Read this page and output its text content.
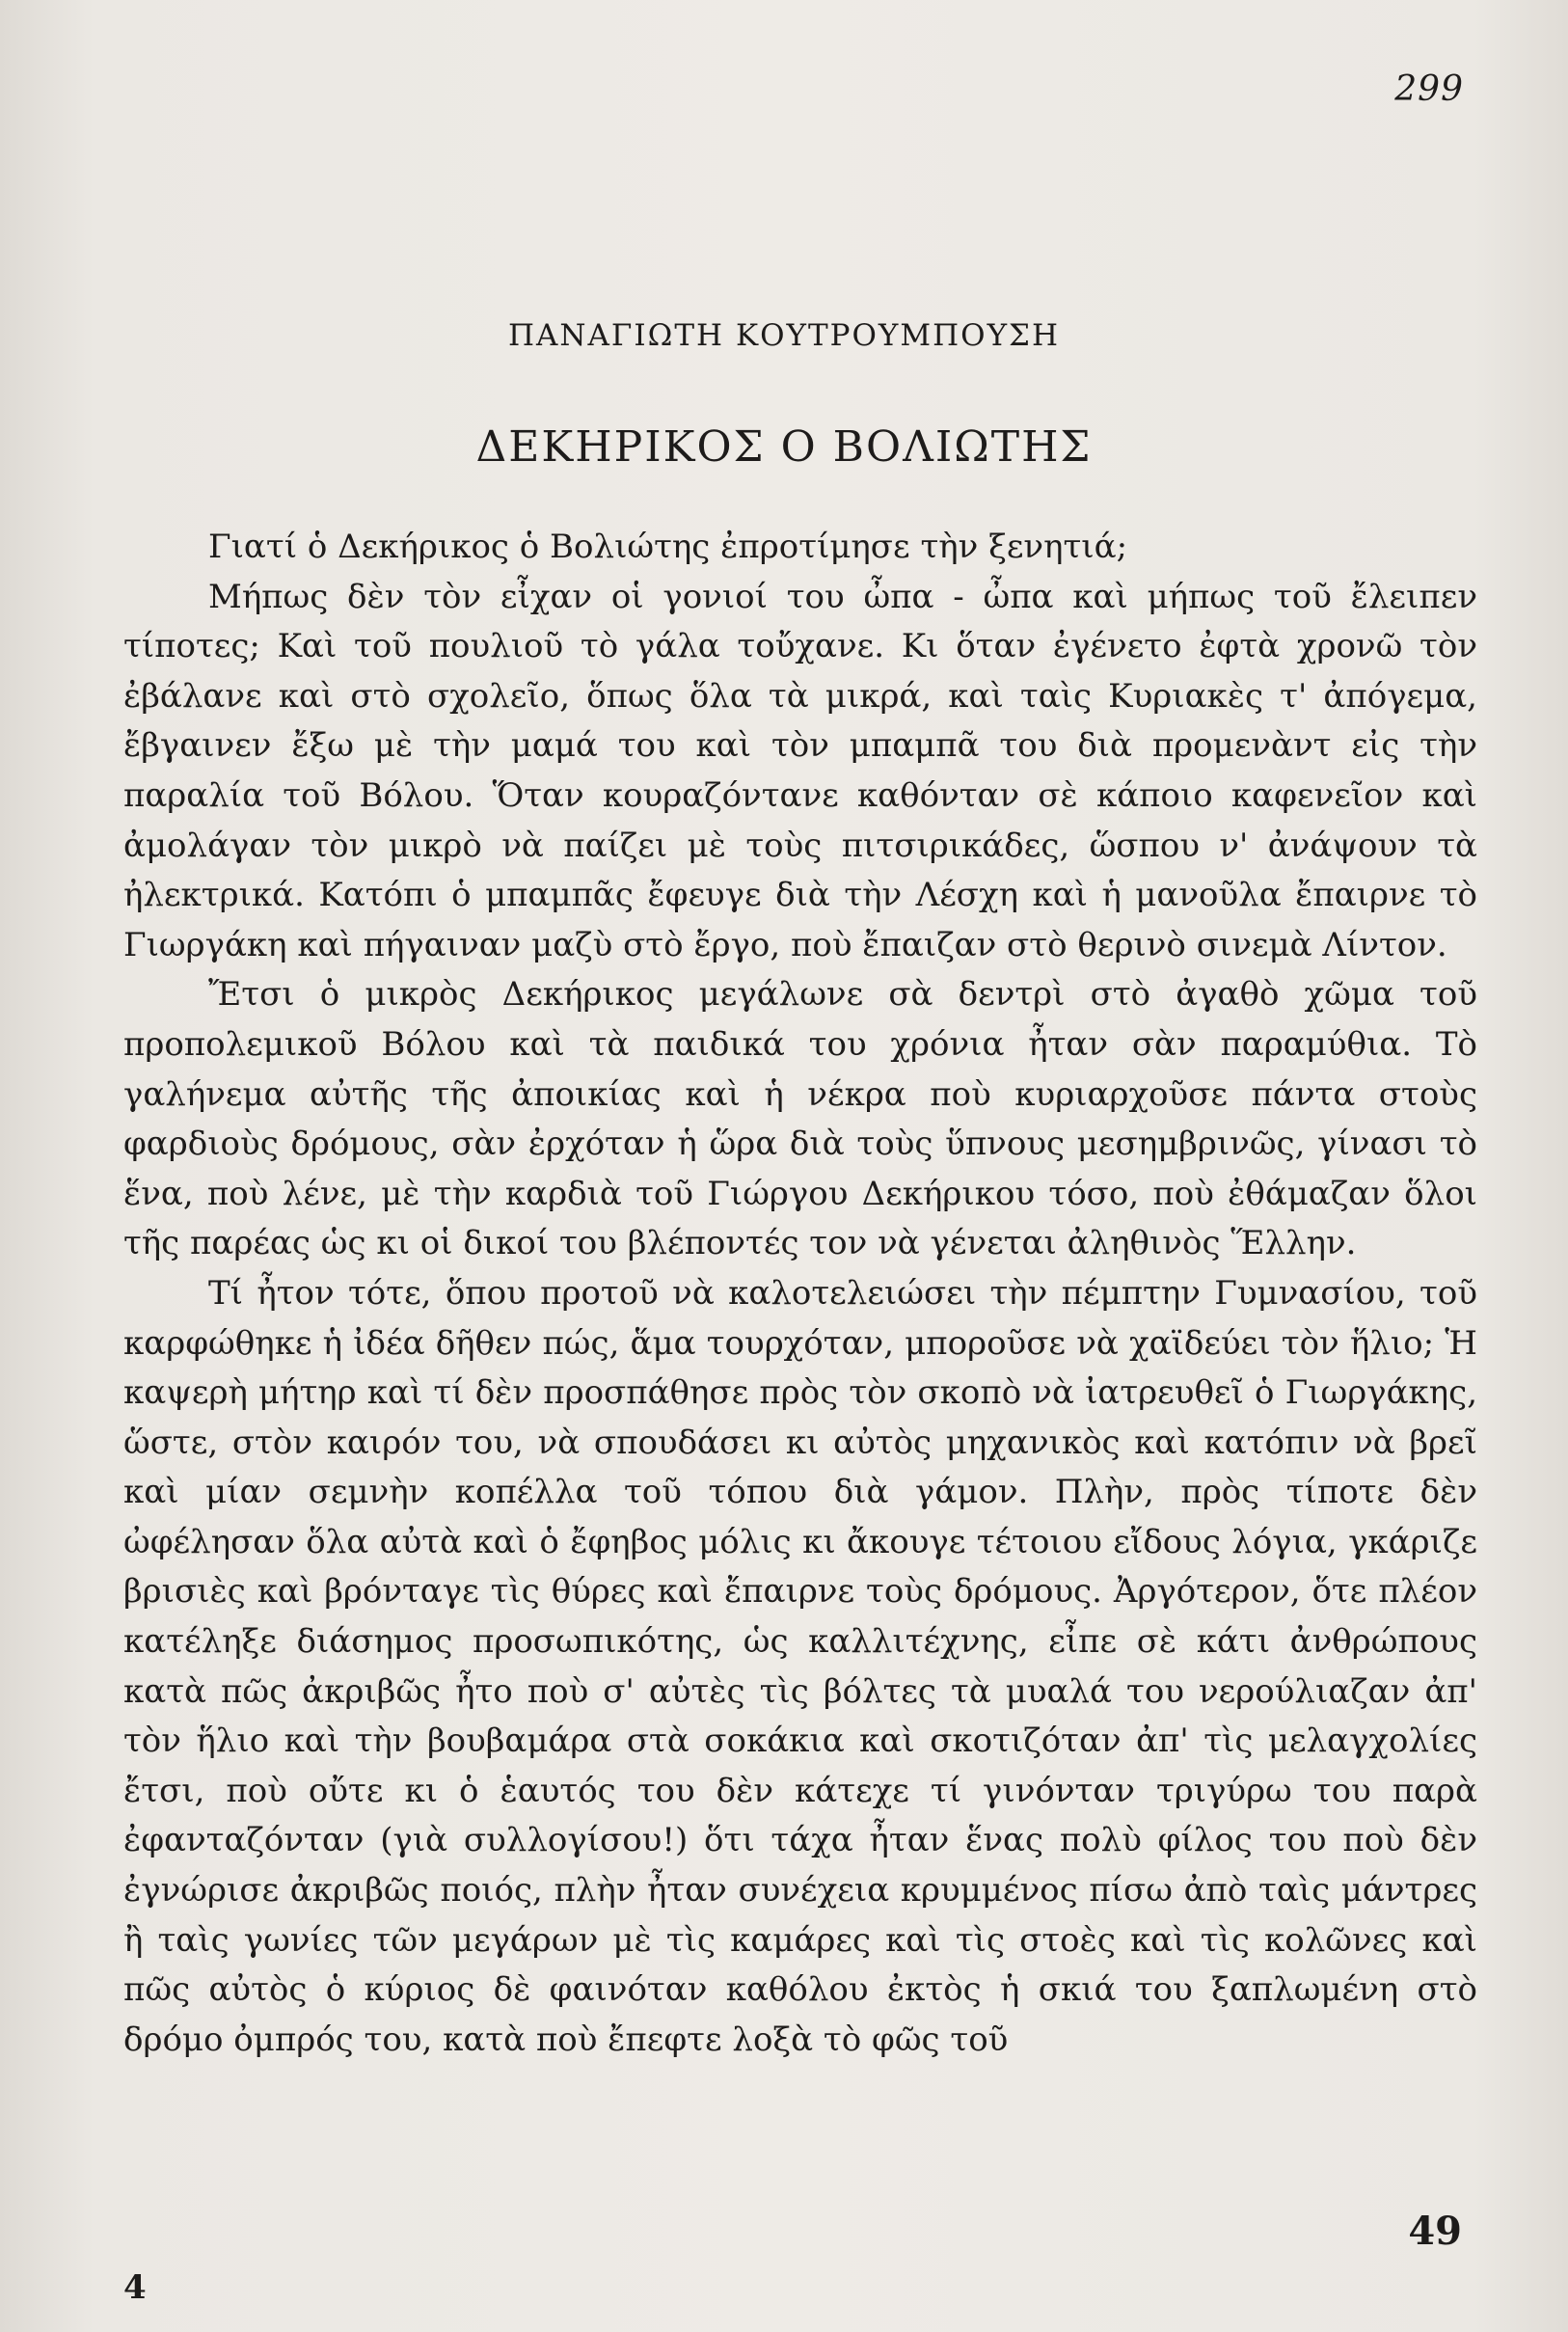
299
ΠΑΝΑΓΙΩΤΗ ΚΟΥΤΡΟΥΜΠΟΥΣΗ
ΔΕΚΗΡΙΚΟΣ Ο ΒΟΛΙΩΤΗΣ

Γιατί ὁ Δεκήρικος ὁ Βολιώτης ἐπροτίμησε τὴν ξενητιά;

Μήπως δὲν τὸν εἶχαν οἱ γονιοί του ὦπα - ὦπα καὶ μήπως τοῦ ἔλειπεν τίποτες; Καὶ τοῦ πουλιοῦ τὸ γάλα τοὔχανε. Κι ὅταν ἐγένετο ἐφτὰ χρονῶ τὸν ἐβάλανε καὶ στὸ σχολεῖο, ὅπως ὅλα τὰ μικρά, καὶ ταὶς Κυριακὲς τ' ἀπόγεμα, ἔβγαινεν ἔξω μὲ τὴν μαμά του καὶ τὸν μπαμπᾶ του διὰ προμενὰντ εἰς τὴν παραλία τοῦ Βόλου. Ὅταν κουραζόντανε καθόνταν σὲ κάποιο καφενεῖον καὶ ἀμολάγαν τὸν μικρὸ νὰ παίζει μὲ τοὺς πιτσιρικάδες, ὥσπου ν' ἀνάψουν τὰ ἠλεκτρικά. Κατόπι ὁ μπαμπᾶς ἔφευγε διὰ τὴν Λέσχη καὶ ἡ μανοῦλα ἔπαιρνε τὸ Γιωργάκη καὶ πήγαιναν μαζὺ στὸ ἔργο, ποὺ ἔπαιζαν στὸ θερινὸ σινεμὰ Λίντον.

Ἔτσι ὁ μικρὸς Δεκήρικος μεγάλωνε σὰ δεντρὶ στὸ ἀγαθὸ χῶμα τοῦ προπολεμικοῦ Βόλου καὶ τὰ παιδικά του χρόνια ἦταν σὰν παραμύθια. Τὸ γαλήνεμα αὐτῆς τῆς ἀποικίας καὶ ἡ νέκρα ποὺ κυριαρχοῦσε πάντα στοὺς φαρδιοὺς δρόμους, σὰν ἐρχόταν ἡ ὥρα διὰ τοὺς ὕπνους μεσημβρινῶς, γίνασι τὸ ἕνα, ποὺ λένε, μὲ τὴν καρδιὰ τοῦ Γιώργου Δεκήρικου τόσο, ποὺ ἐθάμαζαν ὅλοι τῆς παρέας ὡς κι οἱ δικοί του βλέποντές τον νὰ γένεται ἀληθινὸς Ἕλλην.

Τί ἦτον τότε, ὅπου προτοῦ νὰ καλοτελειώσει τὴν πέμπτην Γυμνασίου, τοῦ καρφώθηκε ἡ ἰδέα δῆθεν πώς, ἅμα τουρχόταν, μποροῦσε νὰ χαϊδεύει τὸν ἥλιο; Ἡ καψερὴ μήτηρ καὶ τί δὲν προσπάθησε πρὸς τὸν σκοπὸ νὰ ἰατρευθεῖ ὁ Γιωργάκης, ὥστε, στὸν καιρόν του, νὰ σπουδάσει κι αὐτὸς μηχανικὸς καὶ κατόπιν νὰ βρεῖ καὶ μίαν σεμνὴν κοπέλλα τοῦ τόπου διὰ γάμον. Πλὴν, πρὸς τίποτε δὲν ὠφέλησαν ὅλα αὐτὰ καὶ ὁ ἔφηβος μόλις κι ἄκουγε τέτοιου εἴδους λόγια, γκάριζε βρισιὲς καὶ βρόνταγε τὶς θύρες καὶ ἔπαιρνε τοὺς δρόμους. Ἀργότερον, ὅτε πλέον κατέληξε διάσημος προσωπικότης, ὡς καλλιτέχνης, εἶπε σὲ κάτι ἀνθρώπους κατὰ πῶς ἀκριβῶς ἦτο ποὺ σ' αὐτὲς τὶς βόλτες τὰ μυαλά του νερούλιαζαν ἀπ' τὸν ἥλιο καὶ τὴν βουβαμάρα στὰ σοκάκια καὶ σκοτιζόταν ἀπ' τὶς μελαγχολίες ἔτσι, ποὺ οὔτε κι ὁ ἑαυτός του δὲν κάτεχε τί γινόνταν τριγύρω του παρὰ ἐφανταζόνταν (γιὰ συλλογίσου!) ὅτι τάχα ἦταν ἕνας πολὺ φίλος του ποὺ δὲν ἐγνώρισε ἀκριβῶς ποιός, πλὴν ἦταν συνέχεια κρυμμένος πίσω ἀπὸ ταὶς μάντρες ἢ ταὶς γωνίες τῶν μεγάρων μὲ τὶς καμάρες καὶ τὶς στοὲς καὶ τὶς κολῶνες καὶ πῶς αὐτὸς ὁ κύριος δὲ φαινόταν καθόλου ἐκτὸς ἡ σκιά του ξαπλωμένη στὸ δρόμο ὀμπρός του, κατὰ ποὺ ἔπεφτε λοξὰ τὸ φῶς τοῦ

4
49
